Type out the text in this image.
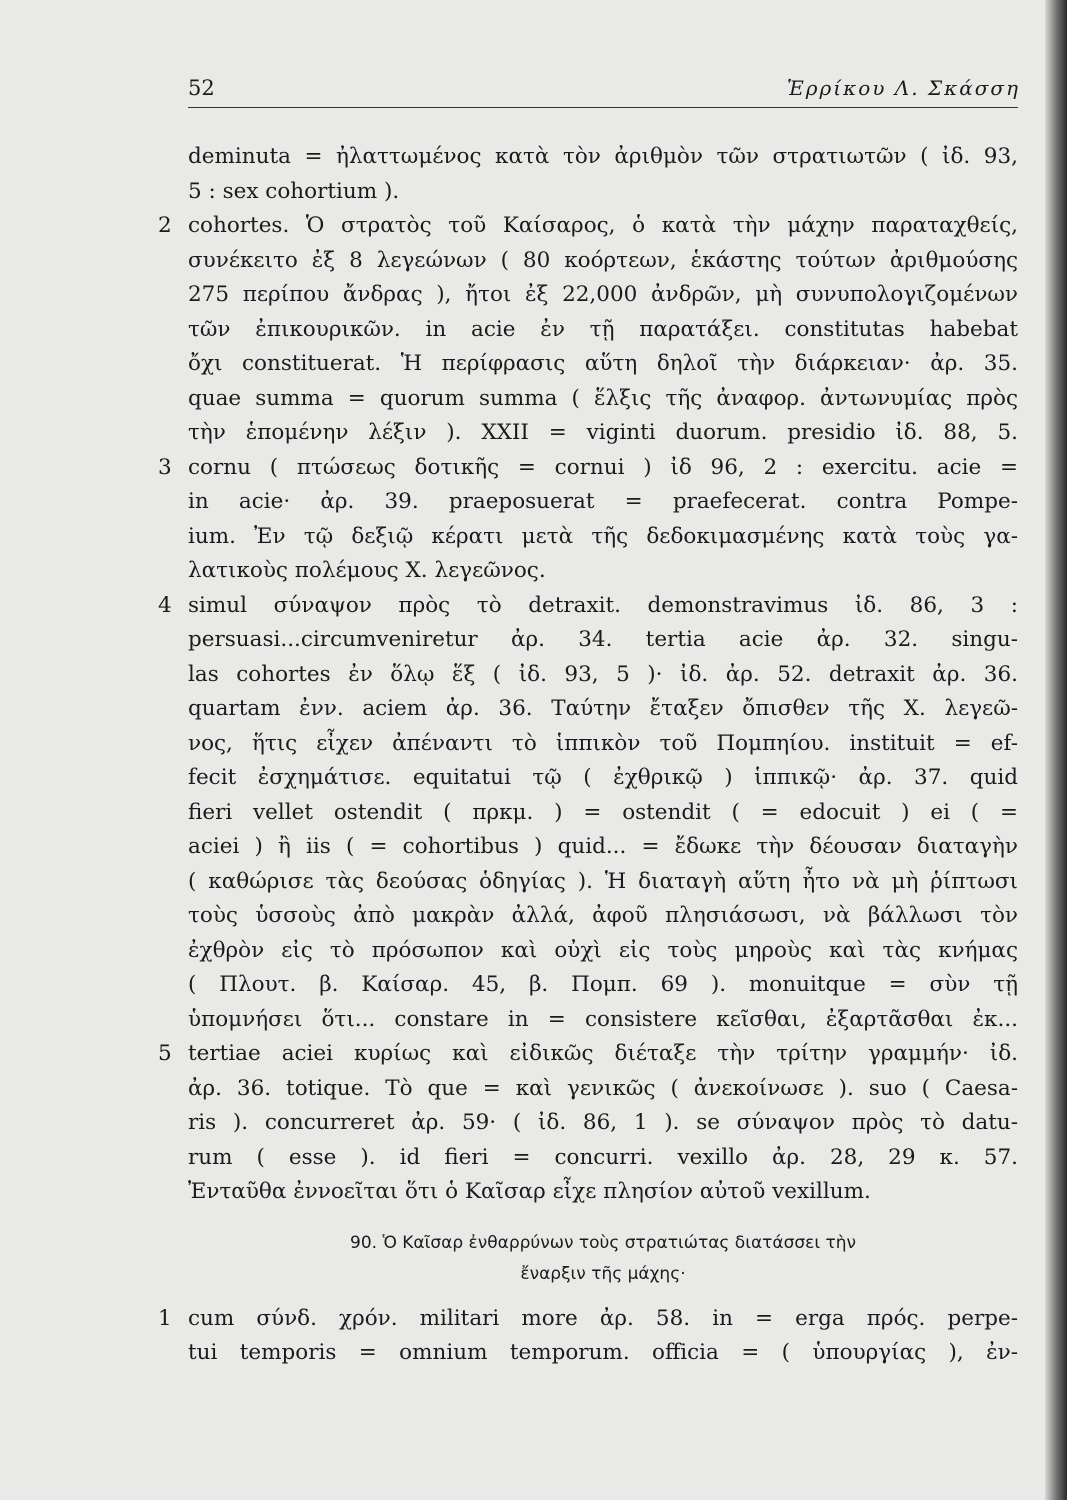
52	Ἑρρίκου Λ. Σκάσση
deminuta = ἠλαττωμένος κατὰ τὸν ἀριθμὸν τῶν στρατιωτῶν ( ἰδ. 93,
5 : sex cohortium ).
2 cohortes. Ὁ στρατὸς τοῦ Καίσαρος, ὁ κατὰ τὴν μάχην παραταχθείς,
συνέκειτο ἐξ 8 λεγεώνων ( 80 κοόρτεων, ἑκάστης τούτων ἀριθμούσης
275 περίπου ἄνδρας ), ἤτοι ἐξ 22,000 ἀνδρῶν, μὴ συνυπολογιζομένων
τῶν ἐπικουρικῶν. in acie ἐν τῇ παρατάξει. constitutas habebat
ὄχι constituerat. Ἡ περίφρασις αὕτη δηλοῖ τὴν διάρκειαν· ἀρ. 35.
quae summa = quorum summa ( ἕλξις τῆς ἀναφορ. ἀντωνυμίας πρὸς
τὴν ἑπομένην λέξιν ). XXII = viginti duorum. presidio ἰδ. 88, 5.
3 cornu ( πτώσεως δοτικῆς = cornui ) ἰδ 96, 2 : exercitu. acie =
in acie· ἀρ. 39. praeposuerat = praefecerat. contra Pompe-
ium. Ἐν τῷ δεξιῷ κέρατι μετὰ τῆς δεδοκιμασμένης κατὰ τοὺς γα-
λατικοὺς πολέμους Χ. λεγεῶνος.
4 simul σύναψον πρὸς τὸ detraxit. demonstravimus ἰδ. 86, 3 :
persuasi...circumveniretur ἀρ. 34. tertia acie ἀρ. 32. singu-
las cohortes ἐν ὅλῳ ἕξ ( ἰδ. 93, 5 )· ἰδ. ἀρ. 52. detraxit ἀρ. 36.
quartam ἐνν. aciem ἀρ. 36. Ταύτην ἔταξεν ὄπισθεν τῆς Χ. λεγεῶ-
νος, ἥτις εἶχεν ἀπέναντι τὸ ἱππικὸν τοῦ Πομπηίου. instituit = ef-
fecit ἐσχημάτισε. equitatui τῷ ( ἐχθρικῷ ) ἱππικῷ· ἀρ. 37. quid
fieri vellet ostendit ( πρκμ. ) = ostendit ( = edocuit ) ei ( =
aciei ) ἢ iis ( = cohortibus ) quid... = ἔδωκε τὴν δέουσαν διαταγὴν
( καθώρισε τὰς δεούσας ὁδηγίας ). Ἡ διαταγὴ αὕτη ἦτο νὰ μὴ ῥίπτωσι
τοὺς ὑσσοὺς ἀπὸ μακρὰν ἀλλά, ἀφοῦ πλησιάσωσι, νὰ βάλλωσι τὸν
ἐχθρὸν εἰς τὸ πρόσωπον καὶ οὐχὶ εἰς τοὺς μηροὺς καὶ τὰς κνήμας
( Πλουτ. β. Καίσαρ. 45, β. Πομπ. 69 ). monuitque = σὺν τῇ
ὑπομνήσει ὅτι... constare in = consistere κεῖσθαι, ἐξαρτᾶσθαι ἐκ...
5 tertiae aciei κυρίως καὶ εἰδικῶς διέταξε τὴν τρίτην γραμμήν· ἰδ.
ἀρ. 36. totique. Τὸ que = καὶ γενικῶς ( ἀνεκοίνωσε ). suo ( Caesa-
ris ). concurreret ἀρ. 59· ( ἰδ. 86, 1 ). se σύναψον πρὸς τὸ datu-
rum ( esse ). id fieri = concurri. vexillo ἀρ. 28, 29 κ. 57.
Ἐνταῦθα ἐννοεῖται ὅτι ὁ Καῖσαρ εἶχε πλησίον αὐτοῦ vexillum.
90. Ὁ Καῖσαρ ἐνθαρρύνων τοὺς στρατιώτας διατάσσει τὴν
ἔναρξιν τῆς μάχης·
1 cum σύνδ. χρόν. militari more ἀρ. 58. in = erga πρός. perpe-
tui temporis = omnium temporum. officia = ( ὑπουργίας ), ἐν-
